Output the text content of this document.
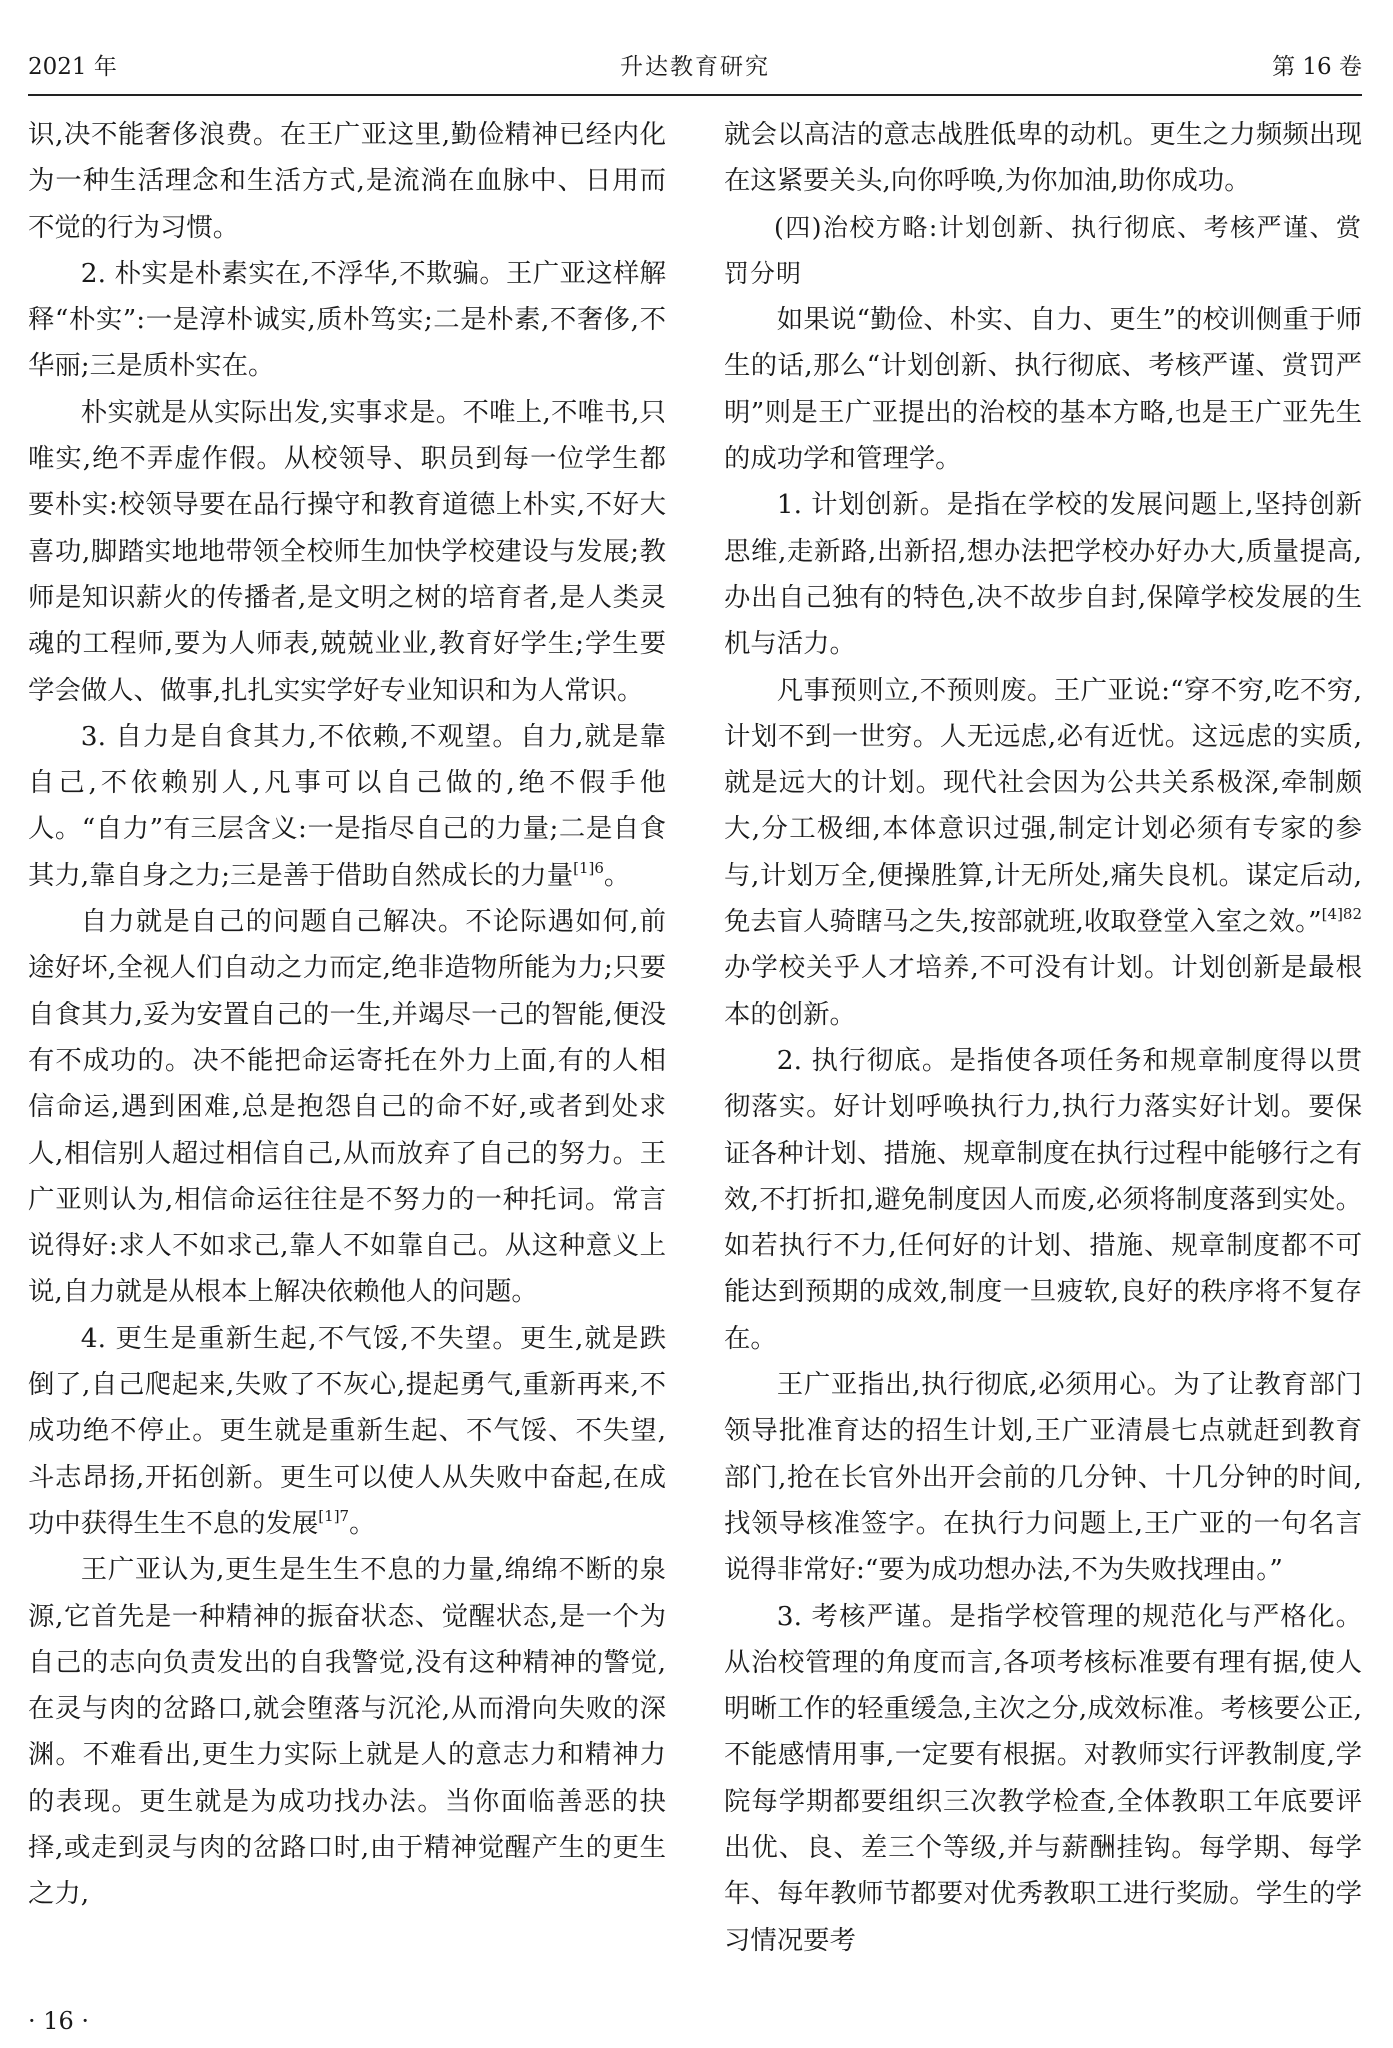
2021 年	升达教育研究	第 16 卷

识,决不能奢侈浪费。在王广亚这里,勤俭精神已经内化为一种生活理念和生活方式,是流淌在血脉中、日用而不觉的行为习惯。

2. 朴实是朴素实在,不浮华,不欺骗。王广亚这样解释“朴实”:一是淳朴诚实,质朴笃实;二是朴素,不奢侈,不华丽;三是质朴实在。

朴实就是从实际出发,实事求是。不唯上,不唯书,只唯实,绝不弄虚作假。从校领导、职员到每一位学生都要朴实:校领导要在品行操守和教育道德上朴实,不好大喜功,脚踏实地地带领全校师生加快学校建设与发展;教师是知识薪火的传播者,是文明之树的培育者,是人类灵魂的工程师,要为人师表,兢兢业业,教育好学生;学生要学会做人、做事,扎扎实实学好专业知识和为人常识。

3. 自力是自食其力,不依赖,不观望。自力,就是靠自己,不依赖别人,凡事可以自己做的,绝不假手他人。“自力”有三层含义:一是指尽自己的力量;二是自食其力,靠自身之力;三是善于借助自然成长的力量$^{[1]6}$。

自力就是自己的问题自己解决。不论际遇如何,前途好坏,全视人们自动之力而定,绝非造物所能为力;只要自食其力,妥为安置自己的一生,并竭尽一己的智能,便没有不成功的。决不能把命运寄托在外力上面,有的人相信命运,遇到困难,总是抱怨自己的命不好,或者到处求人,相信别人超过相信自己,从而放弃了自己的努力。王广亚则认为,相信命运往往是不努力的一种托词。常言说得好:求人不如求己,靠人不如靠自己。从这种意义上说,自力就是从根本上解决依赖他人的问题。

4. 更生是重新生起,不气馁,不失望。更生,就是跌倒了,自己爬起来,失败了不灰心,提起勇气,重新再来,不成功绝不停止。更生就是重新生起、不气馁、不失望,斗志昂扬,开拓创新。更生可以使人从失败中奋起,在成功中获得生生不息的发展$^{[1]7}$。

王广亚认为,更生是生生不息的力量,绵绵不断的泉源,它首先是一种精神的振奋状态、觉醒状态,是一个为自己的志向负责发出的自我警觉,没有这种精神的警觉,在灵与肉的岔路口,就会堕落与沉沦,从而滑向失败的深渊。不难看出,更生力实际上就是人的意志力和精神力的表现。更生就是为成功找办法。当你面临善恶的抉择,或走到灵与肉的岔路口时,由于精神觉醒产生的更生之力,

就会以高洁的意志战胜低卑的动机。更生之力频频出现在这紧要关头,向你呼唤,为你加油,助你成功。

(四)治校方略:计划创新、执行彻底、考核严谨、赏罚分明

如果说“勤俭、朴实、自力、更生”的校训侧重于师生的话,那么“计划创新、执行彻底、考核严谨、赏罚严明”则是王广亚提出的治校的基本方略,也是王广亚先生的成功学和管理学。

1. 计划创新。是指在学校的发展问题上,坚持创新思维,走新路,出新招,想办法把学校办好办大,质量提高,办出自己独有的特色,决不故步自封,保障学校发展的生机与活力。

凡事预则立,不预则废。王广亚说:“穿不穷,吃不穷,计划不到一世穷。人无远虑,必有近忧。这远虑的实质,就是远大的计划。现代社会因为公共关系极深,牵制颇大,分工极细,本体意识过强,制定计划必须有专家的参与,计划万全,便操胜算,计无所处,痛失良机。谋定后动,免去盲人骑瞎马之失,按部就班,收取登堂入室之效。”$^{[4]82}$办学校关乎人才培养,不可没有计划。计划创新是最根本的创新。

2. 执行彻底。是指使各项任务和规章制度得以贯彻落实。好计划呼唤执行力,执行力落实好计划。要保证各种计划、措施、规章制度在执行过程中能够行之有效,不打折扣,避免制度因人而废,必须将制度落到实处。如若执行不力,任何好的计划、措施、规章制度都不可能达到预期的成效,制度一旦疲软,良好的秩序将不复存在。

王广亚指出,执行彻底,必须用心。为了让教育部门领导批准育达的招生计划,王广亚清晨七点就赶到教育部门,抢在长官外出开会前的几分钟、十几分钟的时间,找领导核准签字。在执行力问题上,王广亚的一句名言说得非常好:“要为成功想办法,不为失败找理由。”

3. 考核严谨。是指学校管理的规范化与严格化。从治校管理的角度而言,各项考核标准要有理有据,使人明晰工作的轻重缓急,主次之分,成效标准。考核要公正,不能感情用事,一定要有根据。对教师实行评教制度,学院每学期都要组织三次教学检查,全体教职工年底要评出优、良、差三个等级,并与薪酬挂钩。每学期、每学年、每年教师节都要对优秀教职工进行奖励。学生的学习情况要考

· 16 ·
